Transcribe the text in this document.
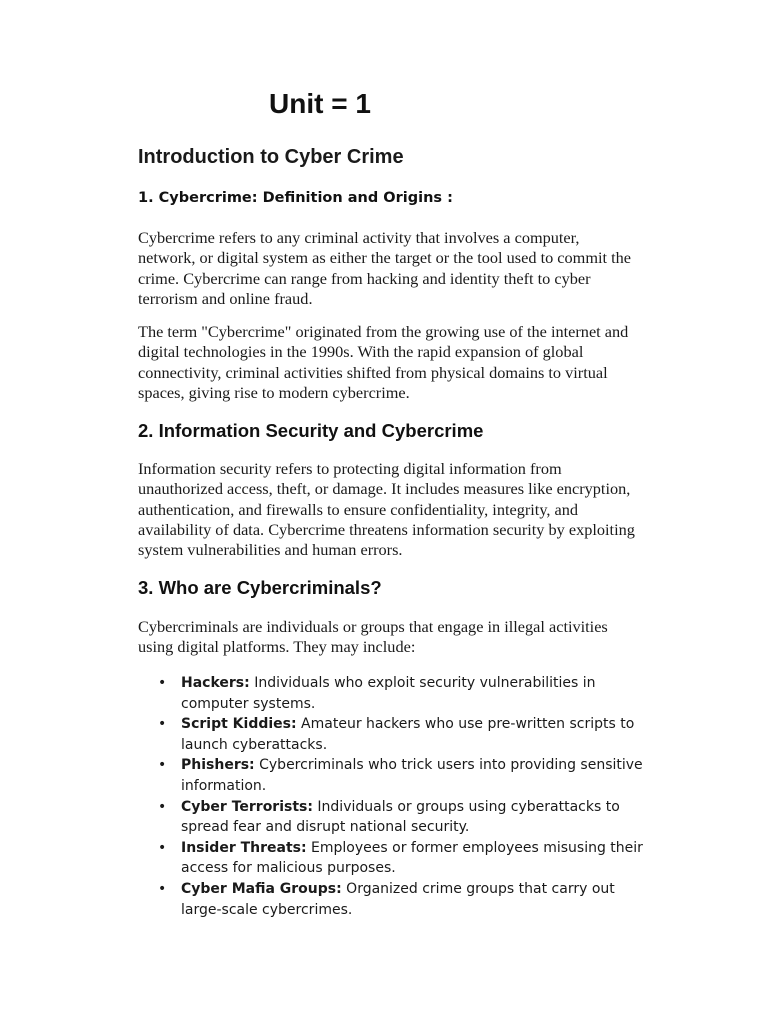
Unit = 1
Introduction to Cyber Crime
1. Cybercrime: Definition and Origins :

Cybercrime refers to any criminal activity that involves a computer, network, or digital system as either the target or the tool used to commit the crime. Cybercrime can range from hacking and identity theft to cyber terrorism and online fraud.

The term "Cybercrime" originated from the growing use of the internet and digital technologies in the 1990s. With the rapid expansion of global connectivity, criminal activities shifted from physical domains to virtual spaces, giving rise to modern cybercrime.

2. Information Security and Cybercrime

Information security refers to protecting digital information from unauthorized access, theft, or damage. It includes measures like encryption, authentication, and firewalls to ensure confidentiality, integrity, and availability of data. Cybercrime threatens information security by exploiting system vulnerabilities and human errors.

3. Who are Cybercriminals?

Cybercriminals are individuals or groups that engage in illegal activities using digital platforms. They may include:

• Hackers: Individuals who exploit security vulnerabilities in computer systems.
• Script Kiddies: Amateur hackers who use pre-written scripts to launch cyberattacks.
• Phishers: Cybercriminals who trick users into providing sensitive information.
• Cyber Terrorists: Individuals or groups using cyberattacks to spread fear and disrupt national security.
• Insider Threats: Employees or former employees misusing their access for malicious purposes.
• Cyber Mafia Groups: Organized crime groups that carry out large-scale cybercrimes.
